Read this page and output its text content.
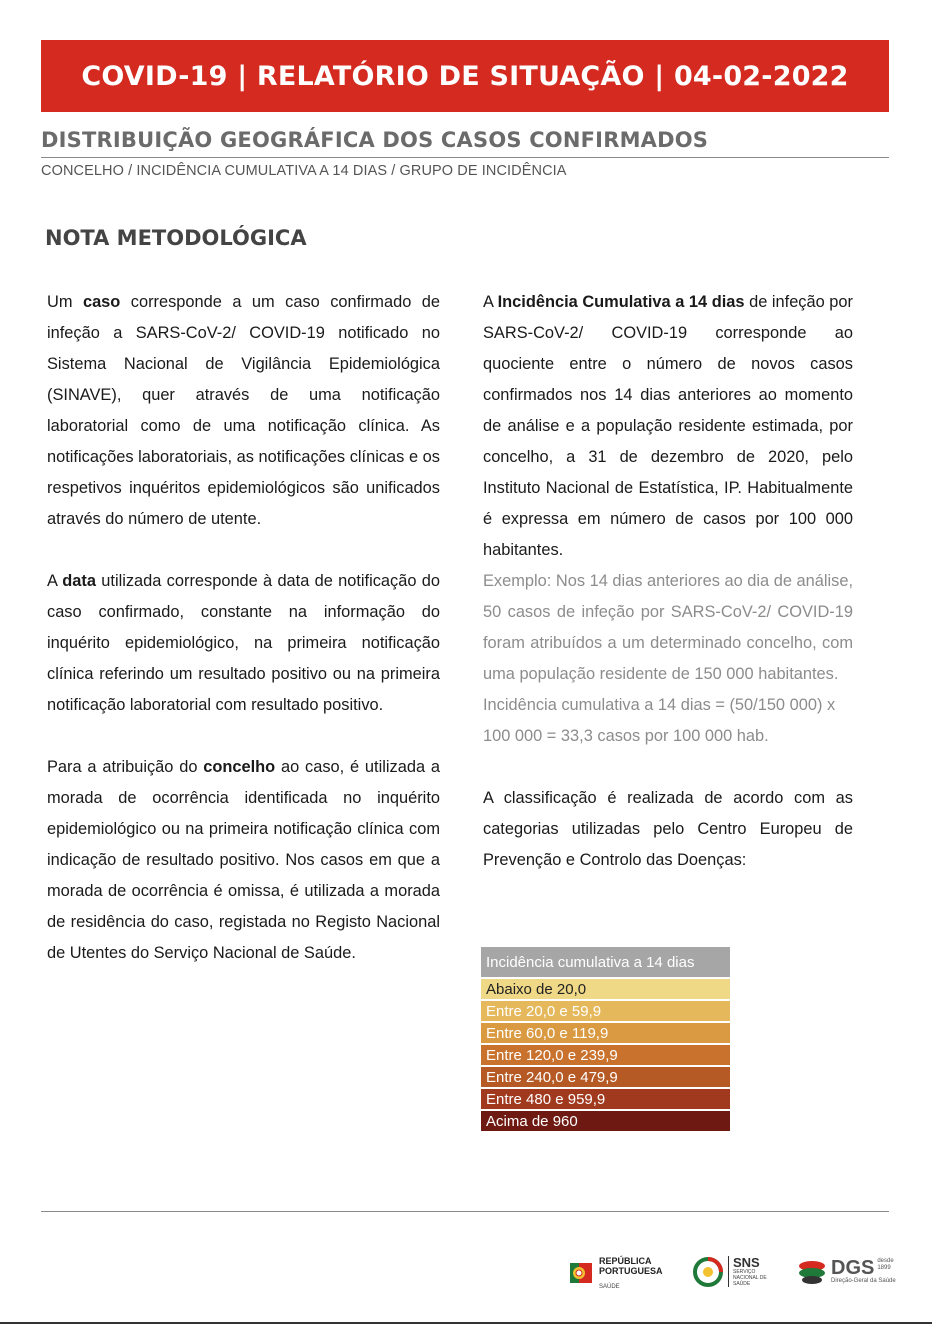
COVID-19 | RELATÓRIO DE SITUAÇÃO | 04-02-2022
DISTRIBUIÇÃO GEOGRÁFICA DOS CASOS CONFIRMADOS
CONCELHO / INCIDÊNCIA CUMULATIVA A 14 DIAS / GRUPO DE INCIDÊNCIA
NOTA METODOLÓGICA

Um caso corresponde a um caso confirmado de infeção a SARS-CoV-2/ COVID-19 notificado no Sistema Nacional de Vigilância Epidemiológica (SINAVE), quer através de uma notificação laboratorial como de uma notificação clínica. As notificações laboratoriais, as notificações clínicas e os respetivos inquéritos epidemiológicos são unificados através do número de utente.

A data utilizada corresponde à data de notificação do caso confirmado, constante na informação do inquérito epidemiológico, na primeira notificação clínica referindo um resultado positivo ou na primeira notificação laboratorial com resultado positivo.

Para a atribuição do concelho ao caso, é utilizada a morada de ocorrência identificada no inquérito epidemiológico ou na primeira notificação clínica com indicação de resultado positivo. Nos casos em que a morada de ocorrência é omissa, é utilizada a morada de residência do caso, registada no Registo Nacional de Utentes do Serviço Nacional de Saúde.

A Incidência Cumulativa a 14 dias de infeção por SARS-CoV-2/ COVID-19 corresponde ao quociente entre o número de novos casos confirmados nos 14 dias anteriores ao momento de análise e a população residente estimada, por concelho, a 31 de dezembro de 2020, pelo Instituto Nacional de Estatística, IP. Habitualmente é expressa em número de casos por 100 000 habitantes.

Exemplo: Nos 14 dias anteriores ao dia de análise, 50 casos de infeção por SARS-CoV-2/ COVID-19 foram atribuídos a um determinado concelho, com uma população residente de 150 000 habitantes.

Incidência cumulativa a 14 dias = (50/150 000) x 100 000 = 33,3 casos por 100 000 hab.

A classificação é realizada de acordo com as categorias utilizadas pelo Centro Europeu de Prevenção e Controlo das Doenças:

Incidência cumulativa a 14 dias
Abaixo de 20,0
Entre 20,0 e 59,9
Entre 60,0 e 119,9
Entre 120,0 e 239,9
Entre 240,0 e 479,9
Entre 480 e 959,9
Acima de 960
REPÚBLICA
PORTUGUESA
SAÚDE
SNS
SERVIÇO NACIONAL DE SAÚDE
DGS desde 1899
Direção-Geral da Saúde
